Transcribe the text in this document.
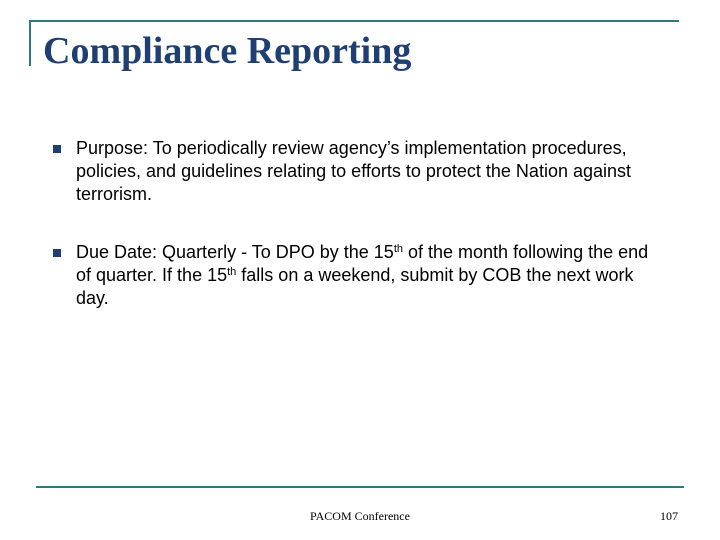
Compliance Reporting

Purpose: To periodically review agency’s implementation procedures, policies, and guidelines relating to efforts to protect the Nation against terrorism.

Due Date: Quarterly - To DPO by the 15th of the month following the end of quarter. If the 15th falls on a weekend, submit by COB the next work day.

PACOM Conference	107
